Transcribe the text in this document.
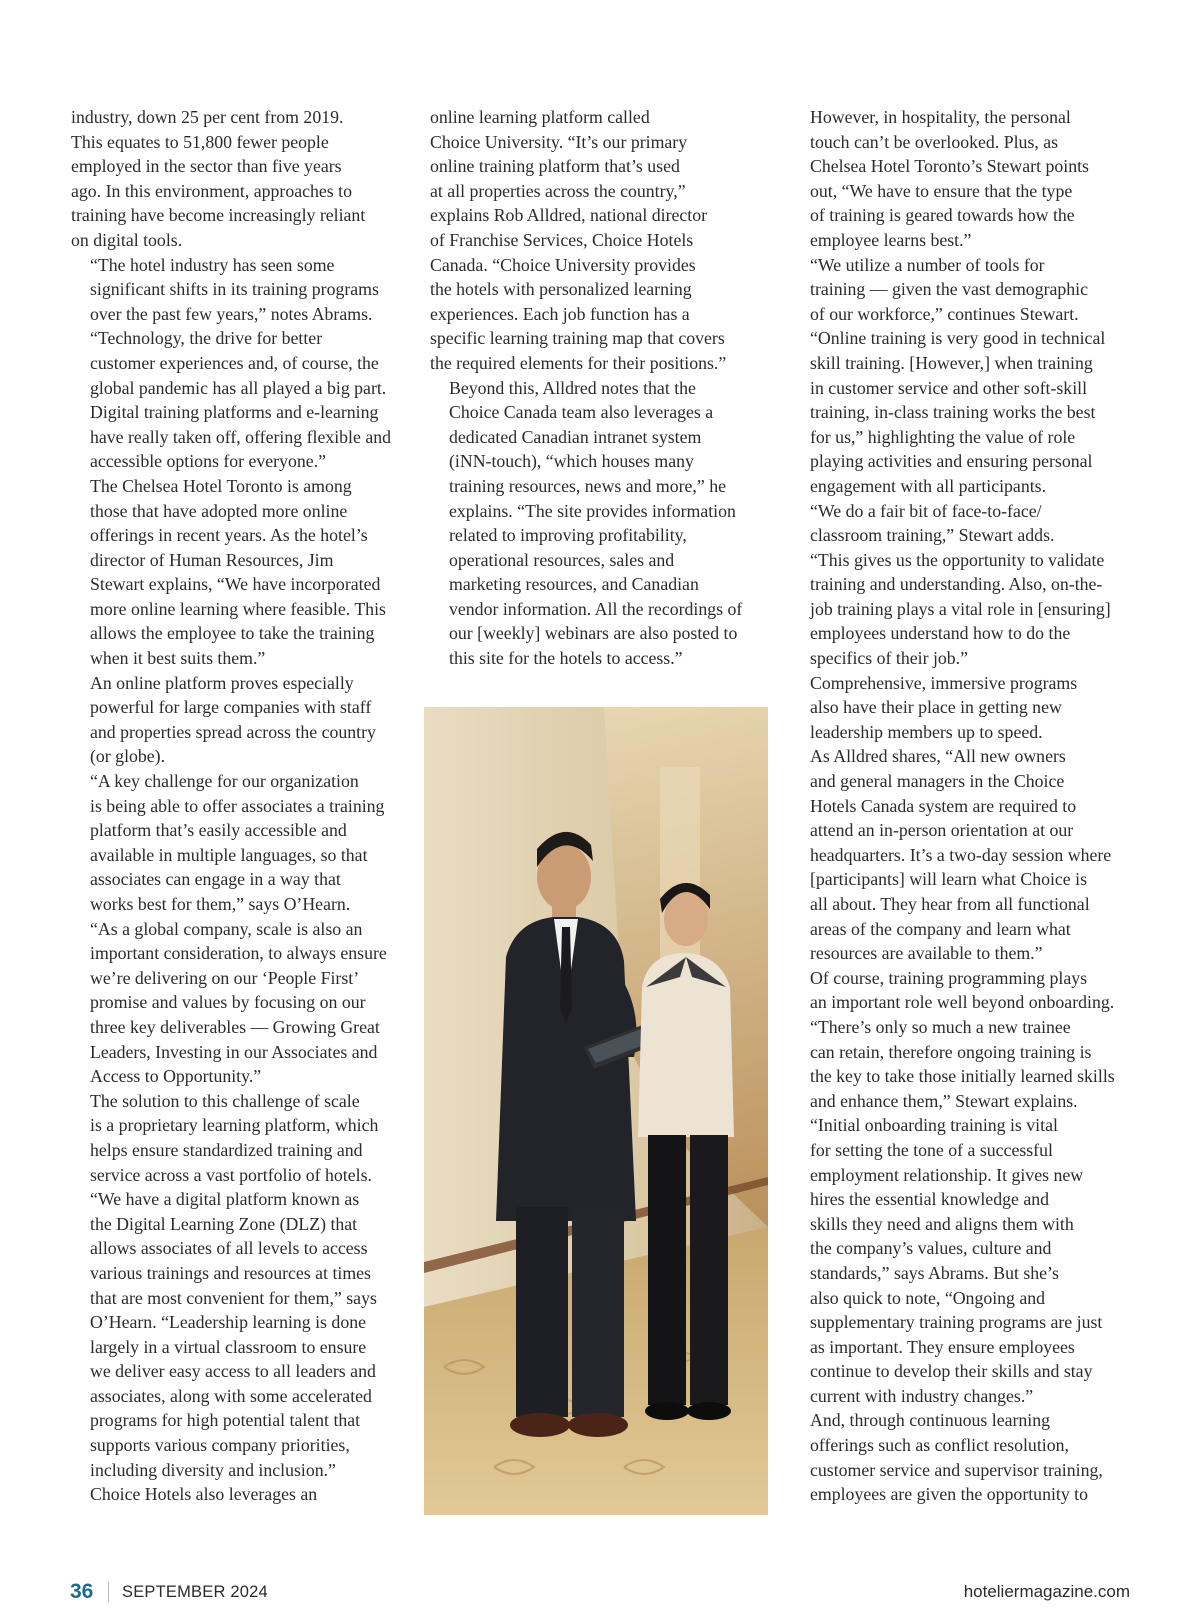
industry, down 25 per cent from 2019.
This equates to 51,800 fewer people
employed in the sector than five years
ago. In this environment, approaches to
training have become increasingly reliant
on digital tools.

“The hotel industry has seen some
significant shifts in its training programs
over the past few years,” notes Abrams.
“Technology, the drive for better
customer experiences and, of course, the
global pandemic has all played a big part.
Digital training platforms and e-learning
have really taken off, offering flexible and
accessible options for everyone.”

The Chelsea Hotel Toronto is among
those that have adopted more online
offerings in recent years. As the hotel’s
director of Human Resources, Jim
Stewart explains, “We have incorporated
more online learning where feasible. This
allows the employee to take the training
when it best suits them.”

An online platform proves especially
powerful for large companies with staff
and properties spread across the country
(or globe).

“A key challenge for our organization
is being able to offer associates a training
platform that’s easily accessible and
available in multiple languages, so that
associates can engage in a way that
works best for them,” says O’Hearn.
“As a global company, scale is also an
important consideration, to always ensure
we’re delivering on our ‘People First’
promise and values by focusing on our
three key deliverables — Growing Great
Leaders, Investing in our Associates and
Access to Opportunity.”

The solution to this challenge of scale
is a proprietary learning platform, which
helps ensure standardized training and
service across a vast portfolio of hotels.

“We have a digital platform known as
the Digital Learning Zone (DLZ) that
allows associates of all levels to access
various trainings and resources at times
that are most convenient for them,” says
O’Hearn. “Leadership learning is done
largely in a virtual classroom to ensure
we deliver easy access to all leaders and
associates, along with some accelerated
programs for high potential talent that
supports various company priorities,
including diversity and inclusion.”

Choice Hotels also leverages an

online learning platform called
Choice University. “It’s our primary
online training platform that’s used
at all properties across the country,”
explains Rob Alldred, national director
of Franchise Services, Choice Hotels
Canada. “Choice University provides
the hotels with personalized learning
experiences. Each job function has a
specific learning training map that covers
the required elements for their positions.”

Beyond this, Alldred notes that the
Choice Canada team also leverages a
dedicated Canadian intranet system
(iNN-touch), “which houses many
training resources, news and more,” he
explains. “The site provides information
related to improving profitability,
operational resources, sales and
marketing resources, and Canadian
vendor information. All the recordings of
our [weekly] webinars are also posted to
this site for the hotels to access.”

However, in hospitality, the personal
touch can’t be overlooked. Plus, as
Chelsea Hotel Toronto’s Stewart points
out, “We have to ensure that the type
of training is geared towards how the
employee learns best.”

“We utilize a number of tools for
training — given the vast demographic
of our workforce,” continues Stewart.
“Online training is very good in technical
skill training. [However,] when training
in customer service and other soft-skill
training, in-class training works the best
for us,” highlighting the value of role
playing activities and ensuring personal
engagement with all participants.

“We do a fair bit of face-to-face/
classroom training,” Stewart adds.
“This gives us the opportunity to validate
training and understanding. Also, on-the-
job training plays a vital role in [ensuring]
employees understand how to do the
specifics of their job.”

Comprehensive, immersive programs
also have their place in getting new
leadership members up to speed.
As Alldred shares, “All new owners
and general managers in the Choice
Hotels Canada system are required to
attend an in-person orientation at our
headquarters. It’s a two-day session where
[participants] will learn what Choice is
all about. They hear from all functional
areas of the company and learn what
resources are available to them.”

Of course, training programming plays
an important role well beyond onboarding.

“There’s only so much a new trainee
can retain, therefore ongoing training is
the key to take those initially learned skills
and enhance them,” Stewart explains.

“Initial onboarding training is vital
for setting the tone of a successful
employment relationship. It gives new
hires the essential knowledge and
skills they need and aligns them with
the company’s values, culture and
standards,” says Abrams. But she’s
also quick to note, “Ongoing and
supplementary training programs are just
as important. They ensure employees
continue to develop their skills and stay
current with industry changes.”

And, through continuous learning
offerings such as conflict resolution,
customer service and supervisor training,
employees are given the opportunity to

36 SEPTEMBER 2024	hoteliermagazine.com
